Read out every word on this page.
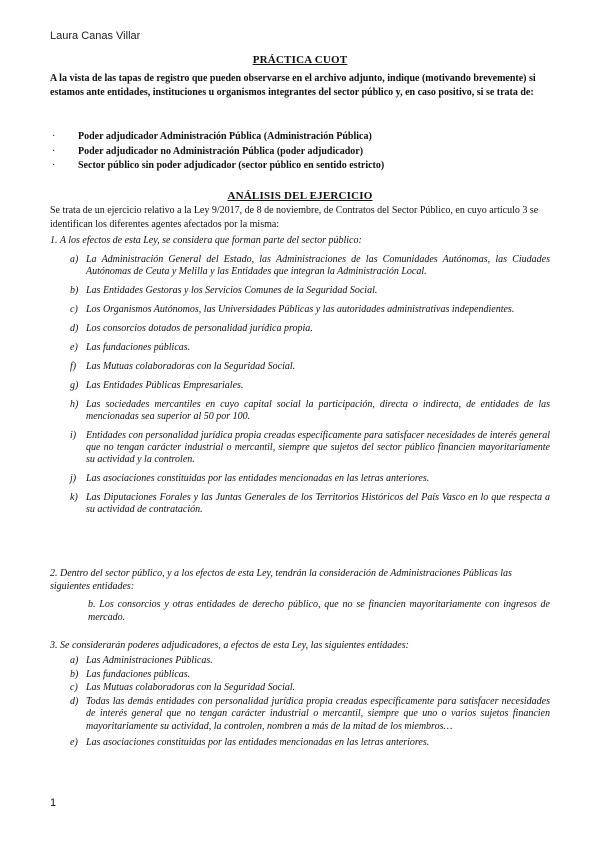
Laura Canas Villar
PRÁCTICA CUOT
A la vista de las tapas de registro que pueden observarse en el archivo adjunto, indique (motivando brevemente) si estamos ante entidades, instituciones u organismos integrantes del sector público y, en caso positivo, si se trata de:
· Poder adjudicador Administración Pública (Administración Pública)
· Poder adjudicador no Administración Pública (poder adjudicador)
· Sector público sin poder adjudicador (sector público en sentido estricto)
ANÁLISIS DEL EJERCICIO
Se trata de un ejercicio relativo a la Ley 9/2017, de 8 de noviembre, de Contratos del Sector Público, en cuyo artículo 3 se identifican los diferentes agentes afectados por la misma:
1. A los efectos de esta Ley, se considera que forman parte del sector público:
a) La Administración General del Estado, las Administraciones de las Comunidades Autónomas, las Ciudades Autónomas de Ceuta y Melilla y las Entidades que integran la Administración Local.
b) Las Entidades Gestoras y los Servicios Comunes de la Seguridad Social.
c) Los Organismos Autónomos, las Universidades Públicas y las autoridades administrativas independientes.
d) Los consorcios dotados de personalidad jurídica propia.
e) Las fundaciones públicas.
f) Las Mutuas colaboradoras con la Seguridad Social.
g) Las Entidades Públicas Empresariales.
h) Las sociedades mercantiles en cuyo capital social la participación, directa o indirecta, de entidades de las mencionadas sea superior al 50 por 100.
i) Entidades con personalidad jurídica propia creadas específicamente para satisfacer necesidades de interés general que no tengan carácter industrial o mercantil, siempre que sujetos del sector público financien mayoritariamente su actividad y la controlen.
j) Las asociaciones constituidas por las entidades mencionadas en las letras anteriores.
k) Las Diputaciones Forales y las Juntas Generales de los Territorios Históricos del País Vasco en lo que respecta a su actividad de contratación.
2. Dentro del sector público, y a los efectos de esta Ley, tendrán la consideración de Administraciones Públicas las siguientes entidades:
b. Los consorcios y otras entidades de derecho público, que no se financien mayoritariamente con ingresos de mercado.
3. Se considerarán poderes adjudicadores, a efectos de esta Ley, las siguientes entidades:
a) Las Administraciones Públicas.
b) Las fundaciones públicas.
c) Las Mutuas colaboradoras con la Seguridad Social.
d) Todas las demás entidades con personalidad jurídica propia creadas específicamente para satisfacer necesidades de interés general que no tengan carácter industrial o mercantil, siempre que uno o varios sujetos financien mayoritariamente su actividad, la controlen, nombren a más de la mitad de los miembros…
e) Las asociaciones constituidas por las entidades mencionadas en las letras anteriores.
1
